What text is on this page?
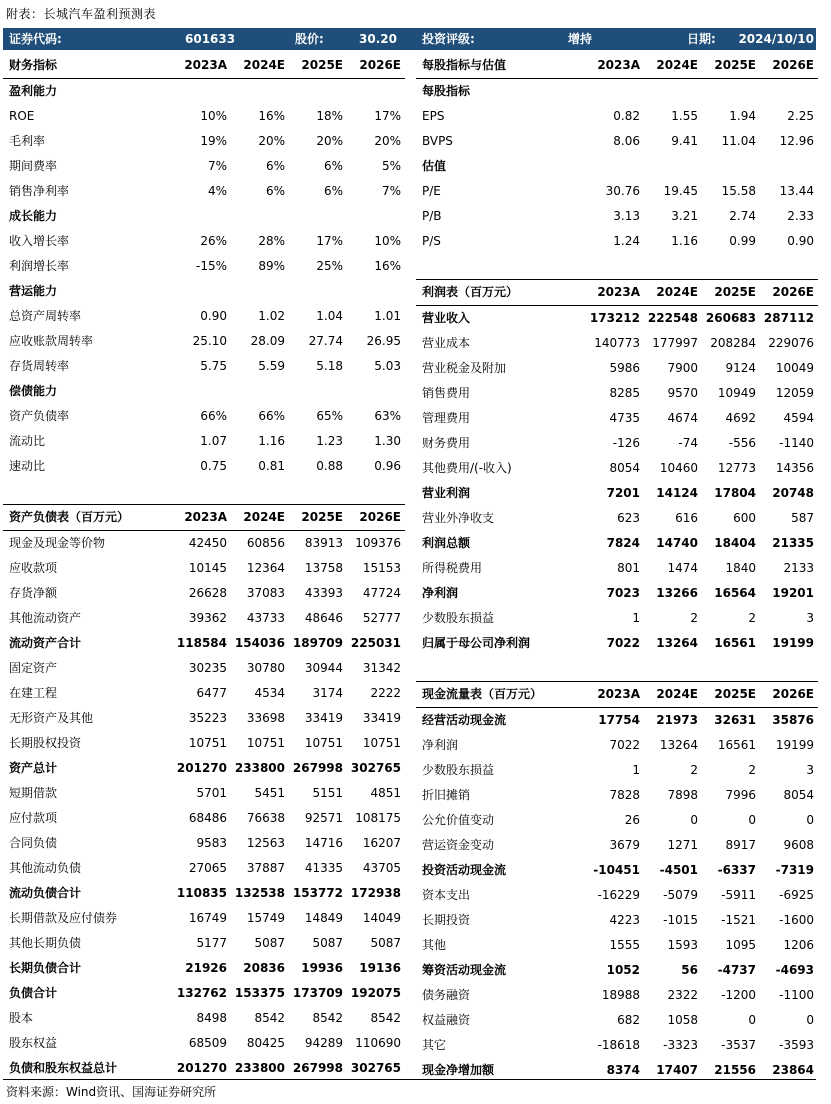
附表：长城汽车盈利预测表
证券代码:	601633	股价:	30.20 投资评级:	增持	日期: 2024/10/10
财务指标	2023A	2024E	2025E	2026E
盈利能力
ROE	10%	16%	18%	17%
毛利率	19%	20%	20%	20%
期间费率	7%	6%	6%	5%
销售净利率	4%	6%	6%	7%
成长能力
收入增长率	26%	28%	17%	10%
利润增长率	-15%	89%	25%	16%
营运能力
总资产周转率	0.90	1.02	1.04	1.01
应收账款周转率	25.10	28.09	27.74	26.95
存货周转率	5.75	5.59	5.18	5.03
偿债能力
资产负债率	66%	66%	65%	63%
流动比	1.07	1.16	1.23	1.30
速动比	0.75	0.81	0.88	0.96
资产负债表（百万元）	2023A	2024E	2025E	2026E
现金及现金等价物	42450	60856	83913	109376
应收款项	10145	12364	13758	15153
存货净额	26628	37083	43393	47724
其他流动资产	39362	43733	48646	52777
流动资产合计	118584 154036 189709 225031
固定资产	30235	30780	30944	31342
在建工程	6477	4534	3174	2222
无形资产及其他	35223	33698	33419	33419
长期股权投资	10751	10751	10751	10751
资产总计	201270 233800 267998 302765
短期借款	5701	5451	5151	4851
应付款项	68486	76638	92571	108175
合同负债	9583	12563	14716	16207
其他流动负债	27065	37887	41335	43705
流动负债合计	110835 132538 153772 172938
长期借款及应付债券	16749	15749	14849	14049
其他长期负债	5177	5087	5087	5087
长期负债合计	21926	20836	19936	19136
负债合计	132762 153375 173709 192075
股本	8498	8542	8542	8542
股东权益	68509	80425	94289	110690
负债和股东权益总计	201270 233800 267998 302765
每股指标与估值	2023A	2024E	2025E	2026E
每股指标
EPS	0.82	1.55	1.94	2.25
BVPS	8.06	9.41	11.04	12.96
估值
P/E	30.76	19.45	15.58	13.44
P/B	3.13	3.21	2.74	2.33
P/S	1.24	1.16	0.99	0.90
利润表（百万元）	2023A	2024E	2025E	2026E
营业收入	173212 222548 260683 287112
营业成本	140773	177997	208284	229076
营业税金及附加	5986	7900	9124	10049
销售费用	8285	9570	10949	12059
管理费用	4735	4674	4692	4594
财务费用	-126	-74	-556	-1140
其他费用/(-收入)	8054	10460	12773	14356
营业利润	7201	14124	17804	20748
营业外净收支	623	616	600	587
利润总额	7824	14740	18404	21335
所得税费用	801	1474	1840	2133
净利润	7023	13266	16564	19201
少数股东损益	1	2	2	3
归属于母公司净利润	7022	13264	16561	19199
现金流量表（百万元）	2023A	2024E	2025E	2026E
经营活动现金流	17754	21973	32631	35876
净利润	7022	13264	16561	19199
少数股东损益	1	2	2	3
折旧摊销	7828	7898	7996	8054
公允价值变动	26	0	0	0
营运资金变动	3679	1271	8917	9608
投资活动现金流	-10451	-4501	-6337	-7319
资本支出	-16229	-5079	-5911	-6925
长期投资	4223	-1015	-1521	-1600
其他	1555	1593	1095	1206
筹资活动现金流	1052	56	-4737	-4693
债务融资	18988	2322	-1200	-1100
权益融资	682	1058	0	0
其它	-18618	-3323	-3537	-3593
现金净增加额	8374	17407	21556	23864
资料来源：Wind资讯、国海证券研究所
